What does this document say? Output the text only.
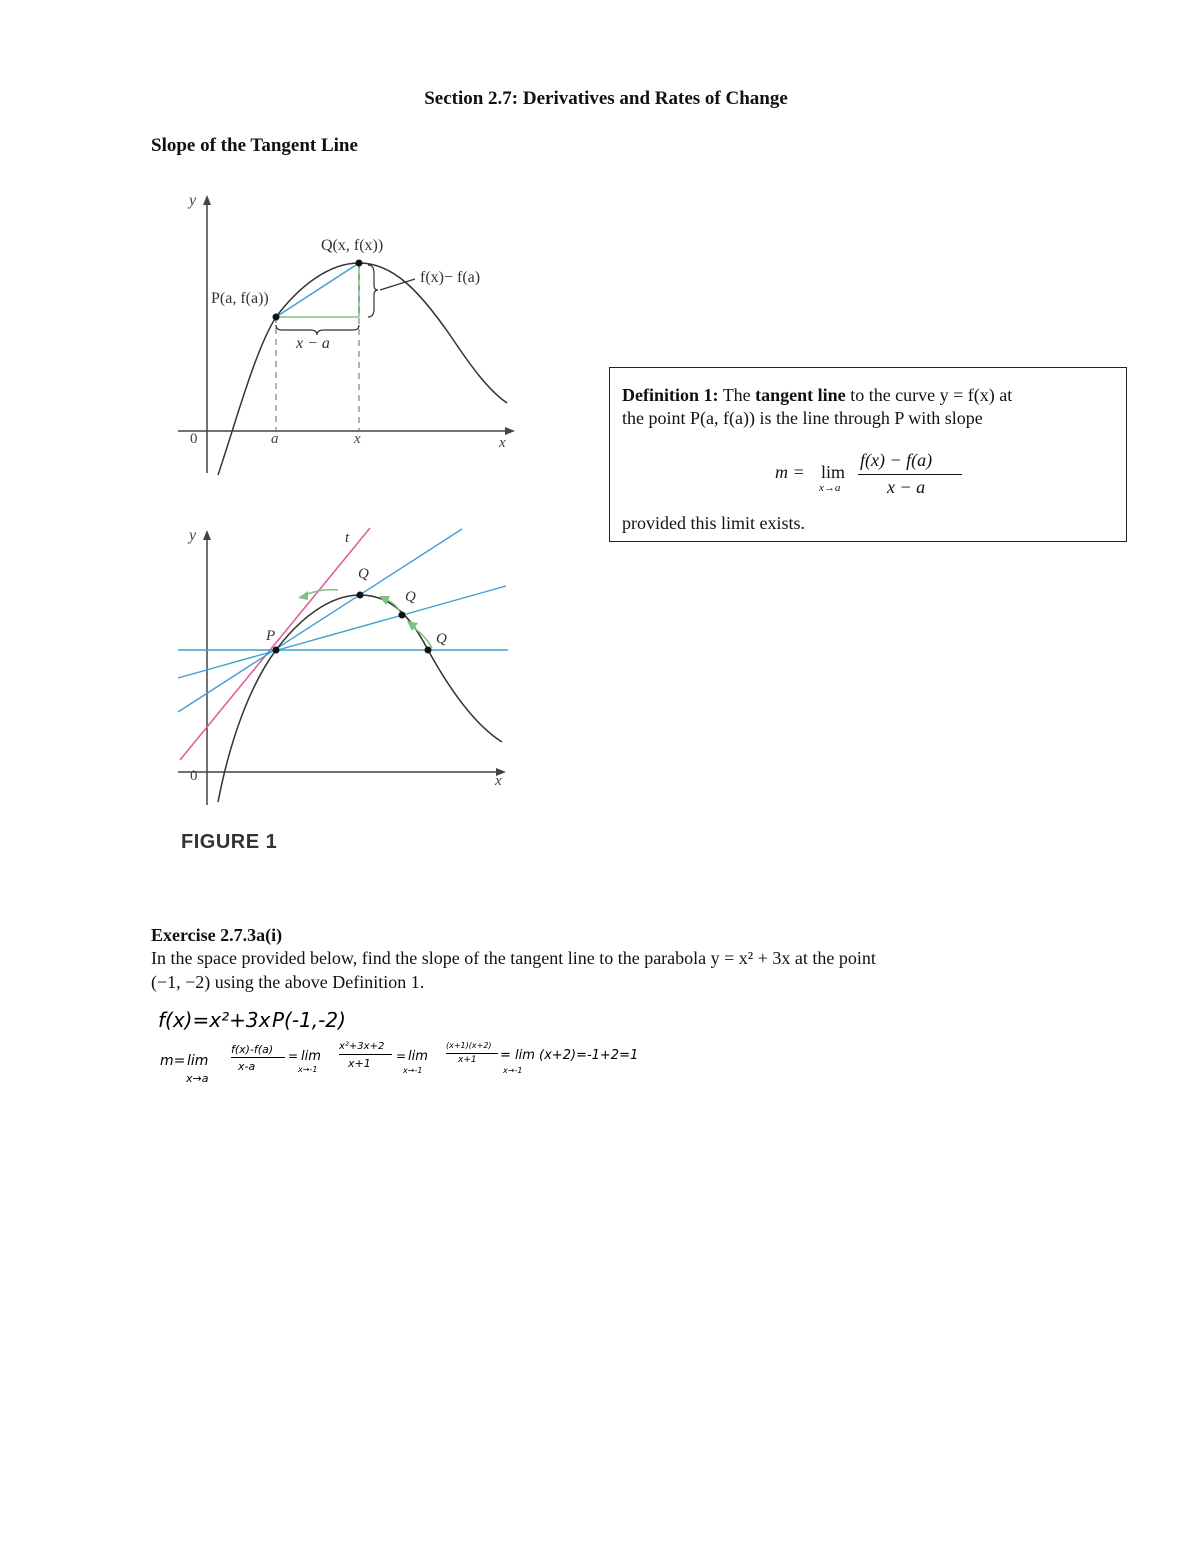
Section 2.7: Derivatives and Rates of Change
Slope of the Tangent Line
y
x
0
Q(x, f(x))
P(a, f(a))
f(x)− f(a)
x − a
a	x
y
x
0
t
P
Q
Q
Q
FIGURE 1
Definition 1: The tangent line to the curve y = f(x) at
the point P(a, f(a)) is the line through P with slope
m = lim
x→a
f(x) − f(a)
x − a
provided this limit exists.
Exercise 2.7.3a(i)
In the space provided below, find the slope of the tangent line to the parabola y = x² + 3x at the point
(−1, −2) using the above Definition 1.
f(x)=x²+3x P(-1,-2)
m= lim
x→a
f(x)-f(a)
x-a
= lim
x→-1
x²+3x+2
x+1
= lim
x→-1
(x+1)(x+2)
x+1 = lim (x+2)=-1+2=1
x→-1
